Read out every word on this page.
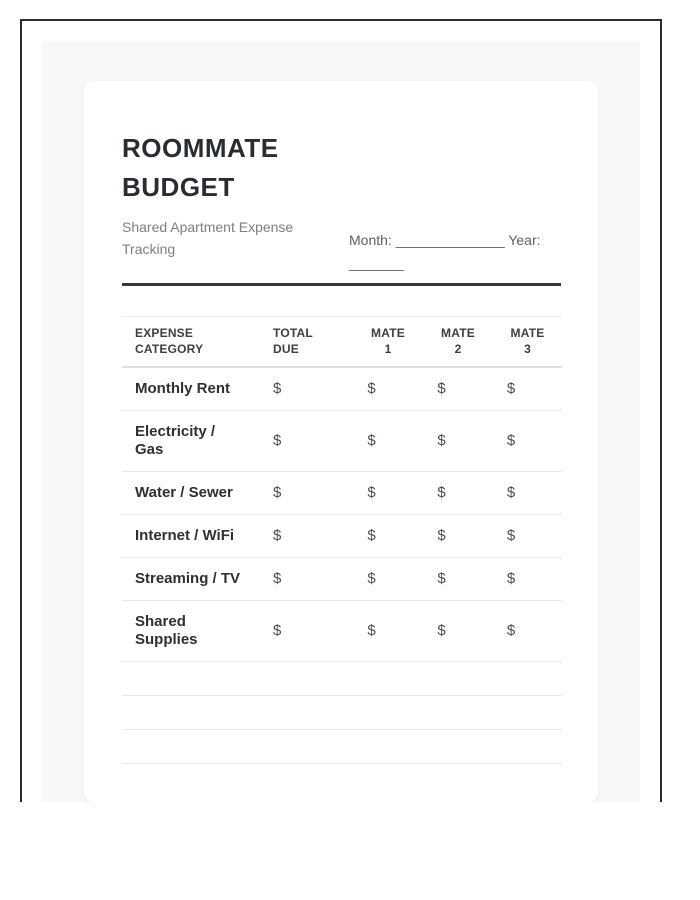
ROOMMATE BUDGET
Shared Apartment Expense Tracking
Month: ______________ Year: _______
EXPENSE CATEGORY	TOTAL DUE	MATE 1	MATE 2	MATE 3
Monthly Rent	$	$	$	$
Electricity / Gas	$	$	$	$
Water / Sewer	$	$	$	$
Internet / WiFi	$	$	$	$
Streaming / TV	$	$	$	$
Shared Supplies	$	$	$	$
